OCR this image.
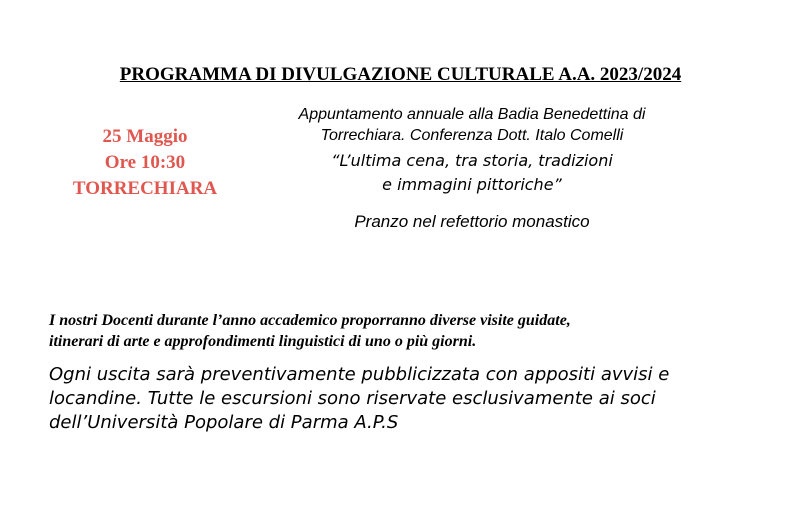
PROGRAMMA DI DIVULGAZIONE CULTURALE A.A. 2023/2024
25 Maggio
Ore 10:30
TORRECHIARA
Appuntamento annuale alla Badia Benedettina di
Torrechiara. Conferenza Dott. Italo Comelli
“L’ultima cena, tra storia, tradizioni
e immagini pittoriche”
Pranzo nel refettorio monastico
I nostri Docenti durante l’anno accademico proporranno diverse visite guidate,
itinerari di arte e approfondimenti linguistici di uno o più giorni.
Ogni uscita sarà preventivamente pubblicizzata con appositi avvisi e
locandine. Tutte le escursioni sono riservate esclusivamente ai soci
dell’Università Popolare di Parma A.P.S
